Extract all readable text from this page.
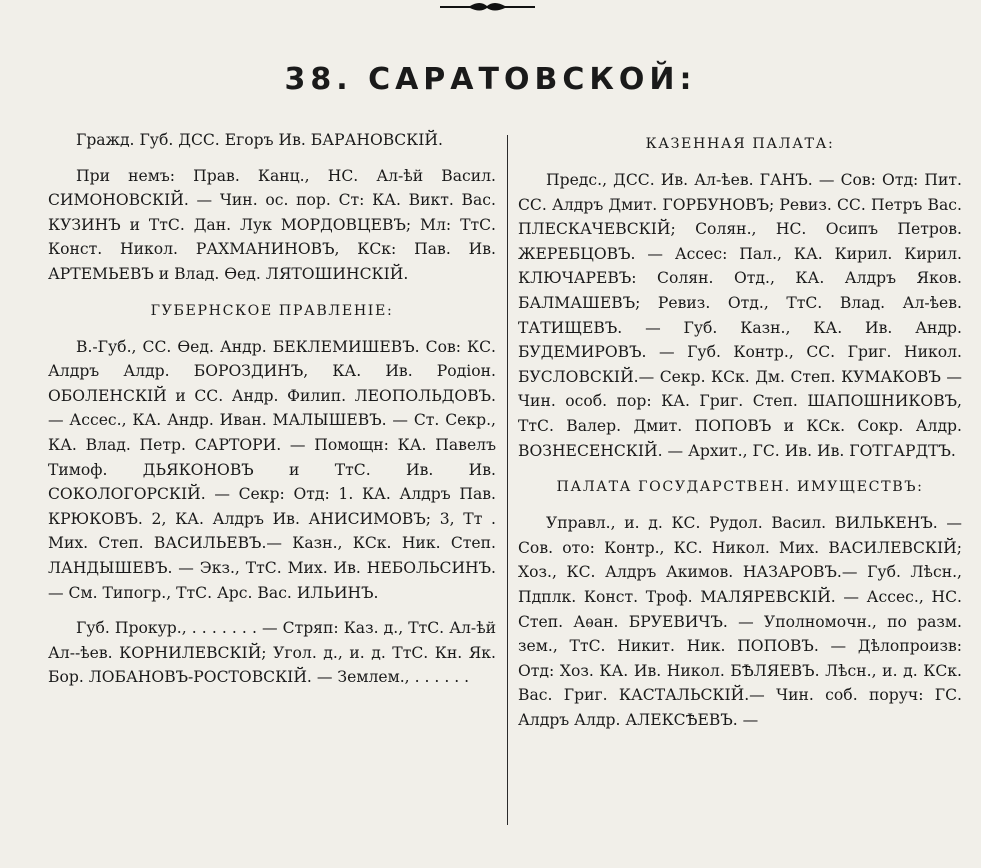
38. САРАТОВСКОЙ:

Гражд. Губ. ДСС. Егоръ Ив. БАРАНОВСКІЙ.

При немъ: Прав. Канц., НС. Ал-ѣй Васил. СИМОНОВСКІЙ. — Чин. ос. пор. Ст: КА. Викт. Вас. КУЗИНЪ и ТтС. Дан. Лук МОРДОВЦЕВЪ; Мл: ТтС. Конст. Никол. РАХМАНИНОВЪ, КСк: Пав. Ив. АРТЕМЬЕВЪ и Влад. Ѳед. ЛЯТОШИНСКІЙ.

ГУБЕРНСКОЕ ПРАВЛЕНІЕ:

В.-Губ., СС. Ѳед. Андр. БЕКЛЕМИШЕВЪ. Сов: КС. Алдръ Алдр. БОРОЗДИНЪ, КА. Ив. Родіон. ОБОЛЕНСКІЙ и СС. Андр. Филип. ЛЕОПОЛЬДОВЪ. — Ассес., КА. Андр. Иван. МАЛЫШЕВЪ. — Ст. Секр., КА. Влад. Петр. САРТОРИ. — Помощн: КА. Павелъ Тимоф. ДЬЯКОНОВЪ и ТтС. Ив. Ив. СОКОЛОГОРСКІЙ. — Секр: Отд: 1. КА. Алдръ Пав. КРЮКОВЪ. 2, КА. Алдръ Ив. АНИСИМОВЪ; 3, Тт . Мих. Степ. ВАСИЛЬЕВЪ.— Казн., КСк. Ник. Степ. ЛАНДЫШЕВЪ. — Экз., ТтС. Мих. Ив. НЕБОЛЬСИНЪ. — См. Типогр., ТтС. Арс. Вас. ИЛЬИНЪ.

Губ. Прокур., . . . . . . . — Стряп: Каз. д., ТтС. Ал-ѣй Ал--ѣев. КОРНИЛЕВСКІЙ; Угол. д., и. д. ТтС. Кн. Як. Бор. ЛОБАНОВЪ-РОСТОВСКІЙ. — Землем., . . . . . .

КАЗЕННАЯ ПАЛАТА:

Предс., ДСС. Ив. Ал-ѣев. ГАНЪ. — Сов: Отд: Пит. СС. Алдръ Дмит. ГОРБУНОВЪ; Ревиз. СС. Петръ Вас. ПЛЕСКАЧЕВСКІЙ; Солян., НС. Осипъ Петров. ЖЕРЕБЦОВЪ. — Ассес: Пал., КА. Кирил. Кирил. КЛЮЧАРЕВЪ: Солян. Отд., КА. Алдръ Яков. БАЛМАШЕВЪ; Ревиз. Отд., ТтС. Влад. Ал-ѣев. ТАТИЩЕВЪ. — Губ. Казн., КА. Ив. Андр. БУДЕМИРОВЪ. — Губ. Контр., СС. Григ. Никол. БУСЛОВСКІЙ.— Секр. КСк. Дм. Степ. КУМАКОВЪ — Чин. особ. пор: КА. Григ. Степ. ШАПОШНИКОВЪ, ТтС. Валер. Дмит. ПОПОВЪ и КСк. Сокр. Алдр. ВОЗНЕСЕНСКІЙ. — Архит., ГС. Ив. Ив. ГОТГАРДТЪ.

ПАЛАТА ГОСУДАРСТВЕН. ИМУЩЕСТВЪ:

Управл., и. д. КС. Рудол. Васил. ВИЛЬКЕНЪ. — Сов. ото: Контр., КС. Никол. Мих. ВАСИЛЕВСКІЙ; Хоз., КС. Алдръ Акимов. НАЗАРОВЪ.— Губ. Лѣсн., Пдплк. Конст. Троф. МАЛЯРЕВСКІЙ. — Ассес., НС. Степ. Аѳан. БРУЕВИЧЪ. — Уполномочн., по разм. зем., ТтС. Никит. Ник. ПОПОВЪ. — Дѣлопроизв: Отд: Хоз. КА. Ив. Никол. БѢЛЯЕВЪ. Лѣсн., и. д. КСк. Вас. Григ. КАСТАЛЬСКІЙ.— Чин. соб. поруч: ГС. Алдръ Алдр. АЛЕКСѢЕВЪ. —
